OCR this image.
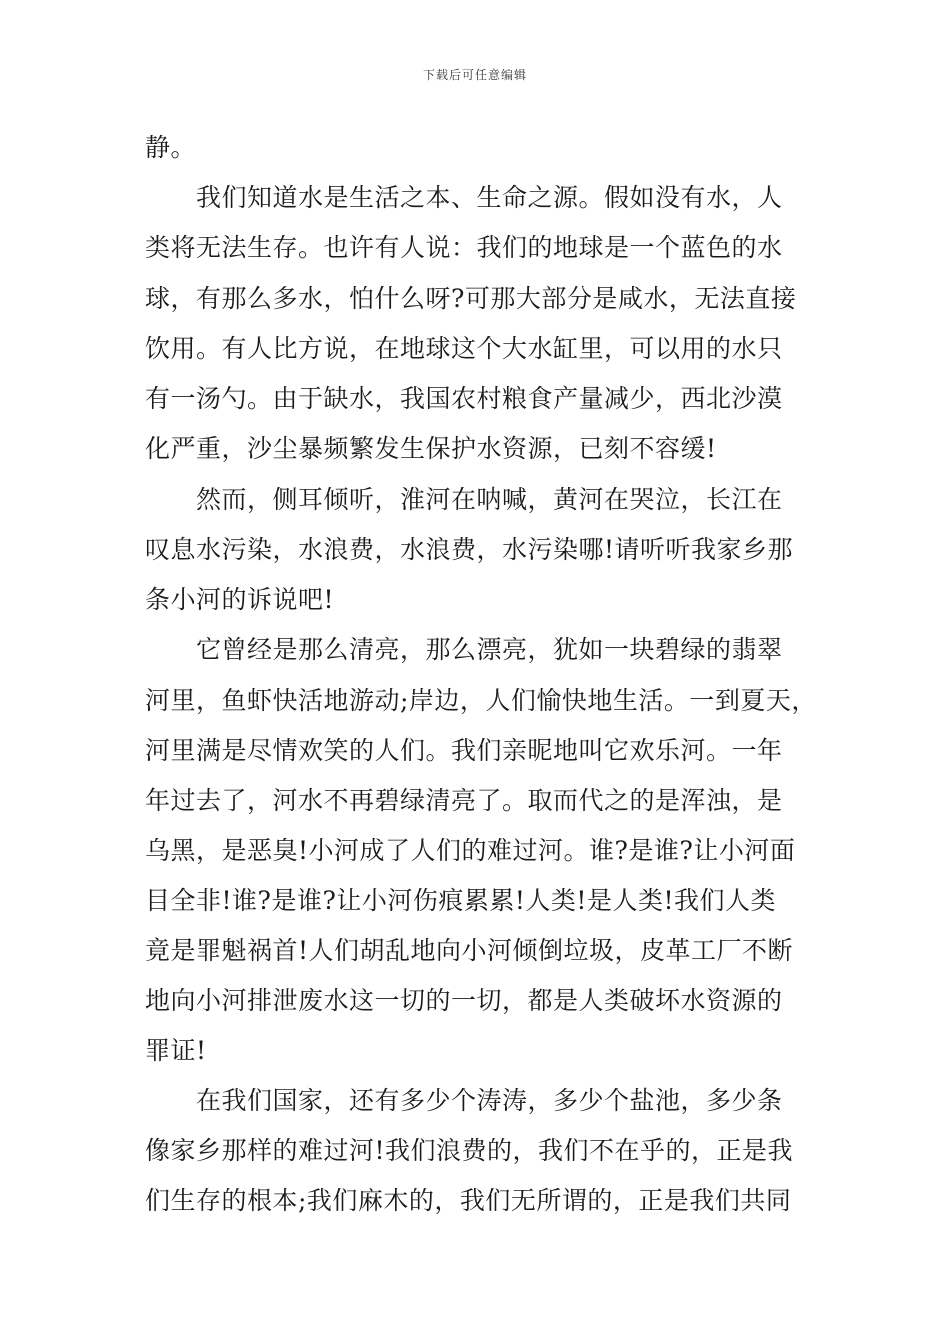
下载后可任意编辑
静。
我们知道水是生活之本、生命之源。假如没有水，人
类将无法生存。也许有人说：我们的地球是一个蓝色的水
球，有那么多水，怕什么呀?可那大部分是咸水，无法直接
饮用。有人比方说，在地球这个大水缸里，可以用的水只
有一汤勺。由于缺水，我国农村粮食产量减少，西北沙漠
化严重，沙尘暴频繁发生保护水资源，已刻不容缓!
然而，侧耳倾听，淮河在呐喊，黄河在哭泣，长江在
叹息水污染，水浪费，水浪费，水污染哪!请听听我家乡那
条小河的诉说吧!
它曾经是那么清亮，那么漂亮，犹如一块碧绿的翡翠
河里，鱼虾快活地游动;岸边，人们愉快地生活。一到夏天，
河里满是尽情欢笑的人们。我们亲昵地叫它欢乐河。一年
年过去了，河水不再碧绿清亮了。取而代之的是浑浊，是
乌黑，是恶臭!小河成了人们的难过河。谁?是谁?让小河面
目全非!谁?是谁?让小河伤痕累累!人类!是人类!我们人类
竟是罪魁祸首!人们胡乱地向小河倾倒垃圾，皮革工厂不断
地向小河排泄废水这一切的一切，都是人类破坏水资源的
罪证!
在我们国家，还有多少个涛涛，多少个盐池，多少条
像家乡那样的难过河!我们浪费的，我们不在乎的，正是我
们生存的根本;我们麻木的，我们无所谓的，正是我们共同
